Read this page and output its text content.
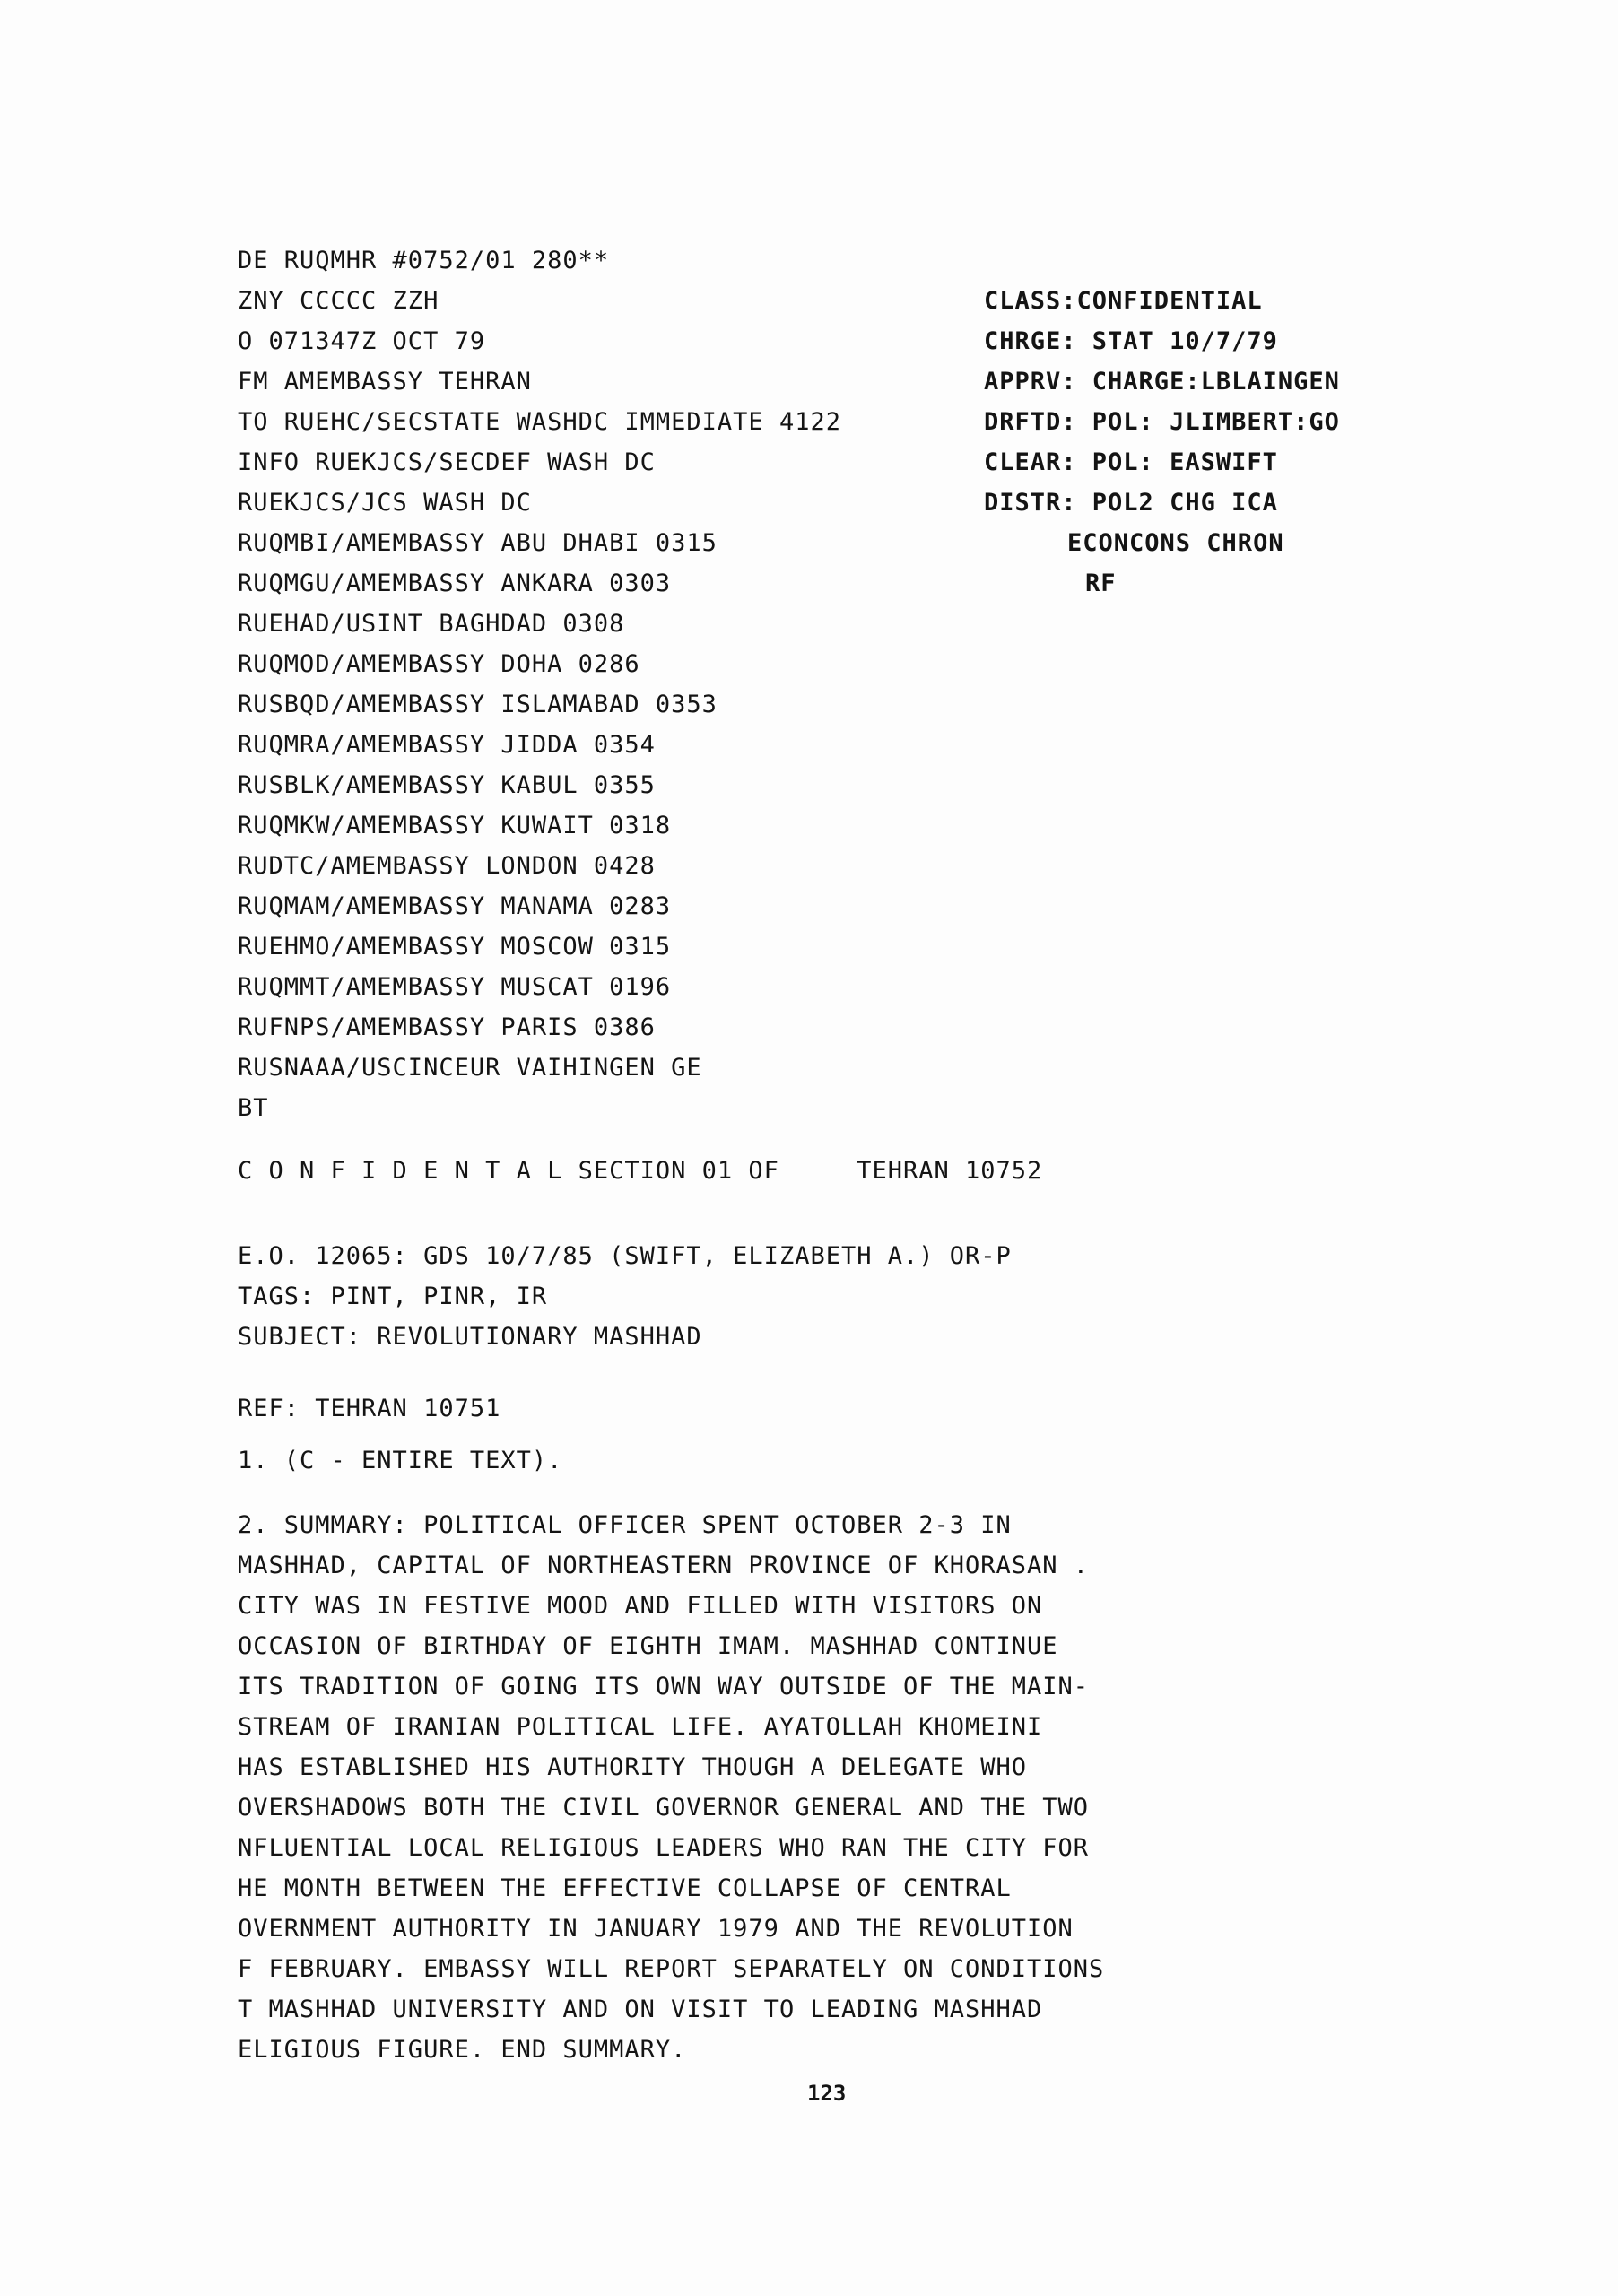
DE RUQMHR #0752/01 280**
ZNY CCCCC ZZH
O 071347Z OCT 79
FM AMEMBASSY TEHRAN
TO RUEHC/SECSTATE WASHDC IMMEDIATE 4122
INFO RUEKJCS/SECDEF WASH DC
RUEKJCS/JCS WASH DC
RUQMBI/AMEMBASSY ABU DHABI 0315
RUQMGU/AMEMBASSY ANKARA 0303
RUEHAD/USINT BAGHDAD 0308
RUQMOD/AMEMBASSY DOHA 0286
RUSBQD/AMEMBASSY ISLAMABAD 0353
RUQMRA/AMEMBASSY JIDDA 0354
RUSBLK/AMEMBASSY KABUL 0355
RUQMKW/AMEMBASSY KUWAIT 0318
RUDTC/AMEMBASSY LONDON 0428
RUQMAM/AMEMBASSY MANAMA 0283
RUEHMO/AMEMBASSY MOSCOW 0315
RUQMMT/AMEMBASSY MUSCAT 0196
RUFNPS/AMEMBASSY PARIS 0386
RUSNAAA/USCINCEUR VAIHINGEN GE
BT
CLASS:CONFIDENTIAL
CHRGE: STAT 10/7/79
APPRV: CHARGE:LBLAINGEN
DRFTD: POL: JLIMBERT:GO
CLEAR: POL: EASWIFT
DISTR: POL2 CHG ICA
ECONCONS CHRON
RF
C O N F I D E N T A L SECTION 01 OF     TEHRAN 10752
E.O. 12065: GDS 10/7/85 (SWIFT, ELIZABETH A.) OR-P
TAGS: PINT, PINR, IR
SUBJECT: REVOLUTIONARY MASHHAD
REF: TEHRAN 10751
1. (C - ENTIRE TEXT).
2. SUMMARY: POLITICAL OFFICER SPENT OCTOBER 2-3 IN
MASHHAD, CAPITAL OF NORTHEASTERN PROVINCE OF KHORASAN .
CITY WAS IN FESTIVE MOOD AND FILLED WITH VISITORS ON
OCCASION OF BIRTHDAY OF EIGHTH IMAM. MASHHAD CONTINUE
ITS TRADITION OF GOING ITS OWN WAY OUTSIDE OF THE MAIN-
STREAM OF IRANIAN POLITICAL LIFE. AYATOLLAH KHOMEINI
HAS ESTABLISHED HIS AUTHORITY THOUGH A DELEGATE WHO
OVERSHADOWS BOTH THE CIVIL GOVERNOR GENERAL AND THE TWO
NFLUENTIAL LOCAL RELIGIOUS LEADERS WHO RAN THE CITY FOR
HE MONTH BETWEEN THE EFFECTIVE COLLAPSE OF CENTRAL
OVERNMENT AUTHORITY IN JANUARY 1979 AND THE REVOLUTION
F FEBRUARY. EMBASSY WILL REPORT SEPARATELY ON CONDITIONS
T MASHHAD UNIVERSITY AND ON VISIT TO LEADING MASHHAD
ELIGIOUS FIGURE. END SUMMARY.
123
